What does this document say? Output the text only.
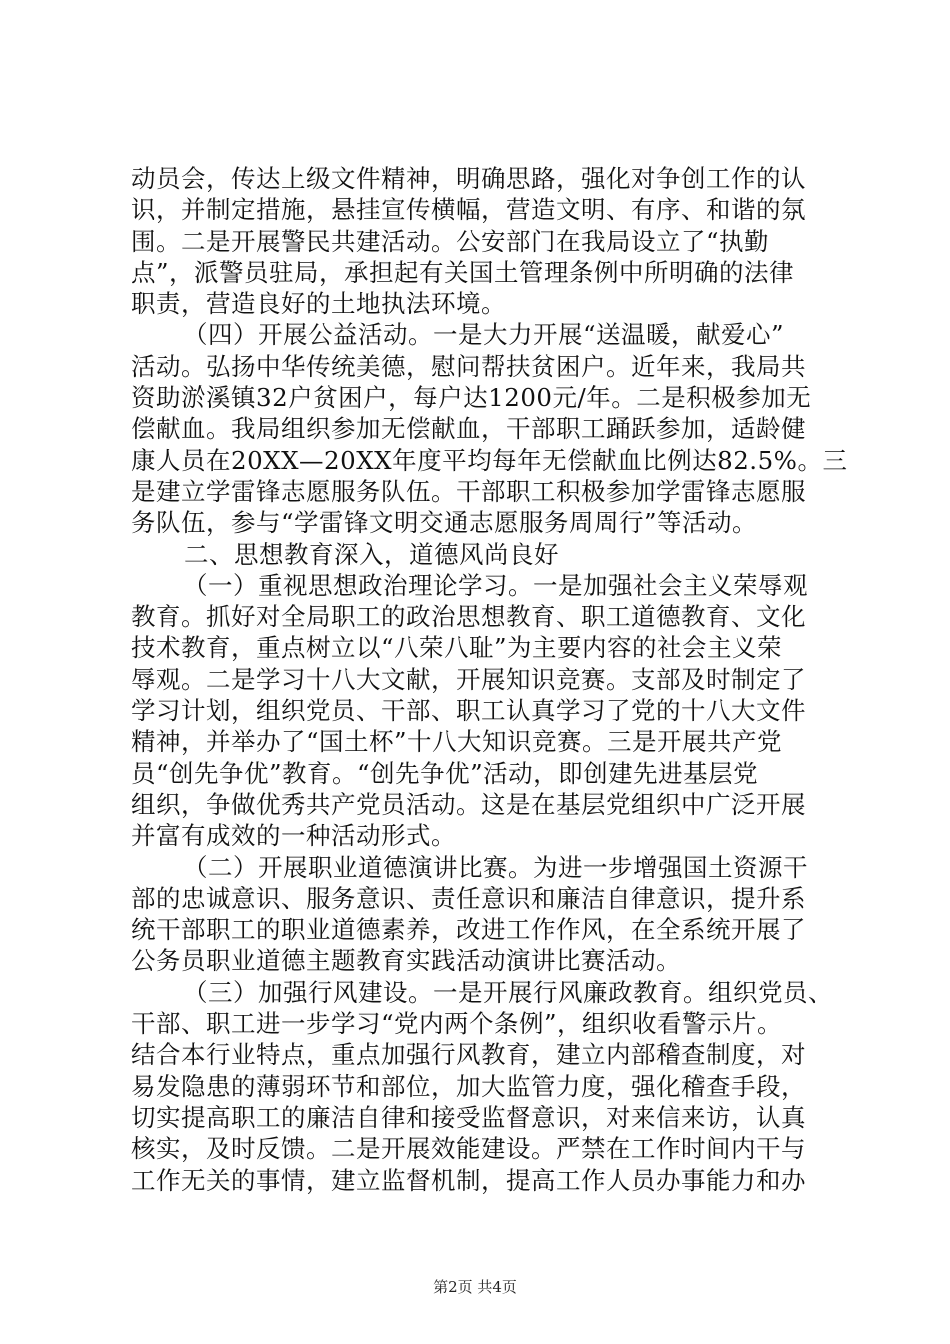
动员会，传达上级文件精神，明确思路，强化对争创工作的认
识，并制定措施，悬挂宣传横幅，营造文明、有序、和谐的氛
围。二是开展警民共建活动。公安部门在我局设立了“执勤
点”，派警员驻局，承担起有关国土管理条例中所明确的法律
职责，营造良好的土地执法环境。
（四）开展公益活动。一是大力开展“送温暖，献爱心”
活动。弘扬中华传统美德，慰问帮扶贫困户。近年来，我局共
资助淤溪镇32户贫困户，每户达1200元/年。二是积极参加无
偿献血。我局组织参加无偿献血，干部职工踊跃参加，适龄健
康人员在20XX—20XX年度平均每年无偿献血比例达82.5%。三
是建立学雷锋志愿服务队伍。干部职工积极参加学雷锋志愿服
务队伍，参与“学雷锋文明交通志愿服务周周行”等活动。
二、思想教育深入，道德风尚良好
（一）重视思想政治理论学习。一是加强社会主义荣辱观
教育。抓好对全局职工的政治思想教育、职工道德教育、文化
技术教育，重点树立以“八荣八耻”为主要内容的社会主义荣
辱观。二是学习十八大文献，开展知识竞赛。支部及时制定了
学习计划，组织党员、干部、职工认真学习了党的十八大文件
精神，并举办了“国土杯”十八大知识竞赛。三是开展共产党
员“创先争优”教育。“创先争优”活动，即创建先进基层党
组织，争做优秀共产党员活动。这是在基层党组织中广泛开展
并富有成效的一种活动形式。
（二）开展职业道德演讲比赛。为进一步增强国土资源干
部的忠诚意识、服务意识、责任意识和廉洁自律意识，提升系
统干部职工的职业道德素养，改进工作作风，在全系统开展了
公务员职业道德主题教育实践活动演讲比赛活动。
（三）加强行风建设。一是开展行风廉政教育。组织党员、
干部、职工进一步学习“党内两个条例”，组织收看警示片。
结合本行业特点，重点加强行风教育，建立内部稽查制度，对
易发隐患的薄弱环节和部位，加大监管力度，强化稽查手段，
切实提高职工的廉洁自律和接受监督意识，对来信来访，认真
核实，及时反馈。二是开展效能建设。严禁在工作时间内干与
工作无关的事情，建立监督机制，提高工作人员办事能力和办
第2页 共4页
